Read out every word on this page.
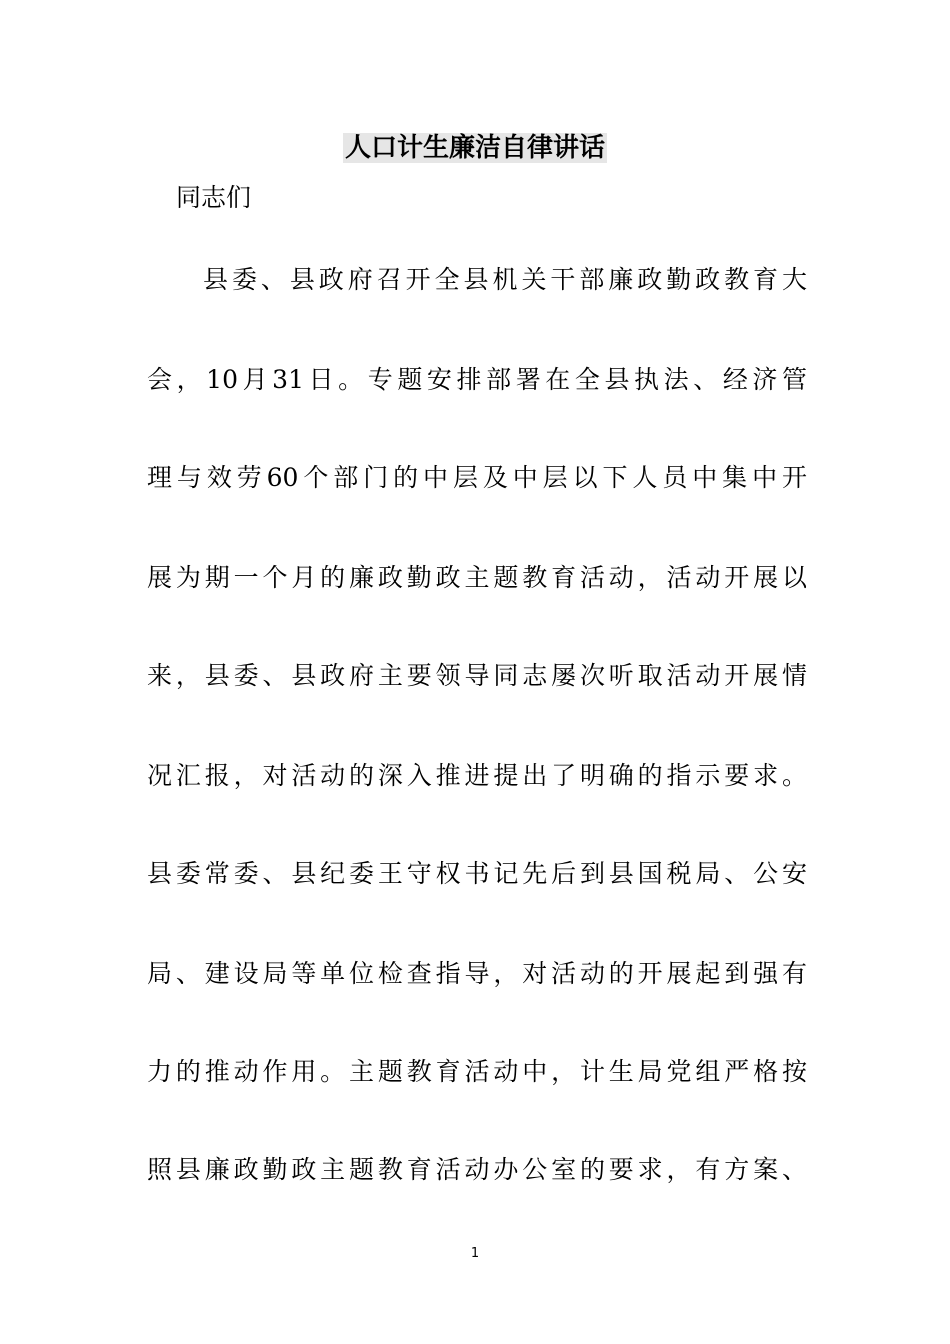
人口计生廉洁自律讲话
同志们
县委、县政府召开全县机关干部廉政勤政教育大
会，10月31日。专题安排部署在全县执法、经济管
理与效劳60个部门的中层及中层以下人员中集中开
展为期一个月的廉政勤政主题教育活动，活动开展以
来，县委、县政府主要领导同志屡次听取活动开展情
况汇报，对活动的深入推进提出了明确的指示要求。
县委常委、县纪委王守权书记先后到县国税局、公安
局、建设局等单位检查指导，对活动的开展起到强有
力的推动作用。主题教育活动中，计生局党组严格按
照县廉政勤政主题教育活动办公室的要求，有方案、
1
